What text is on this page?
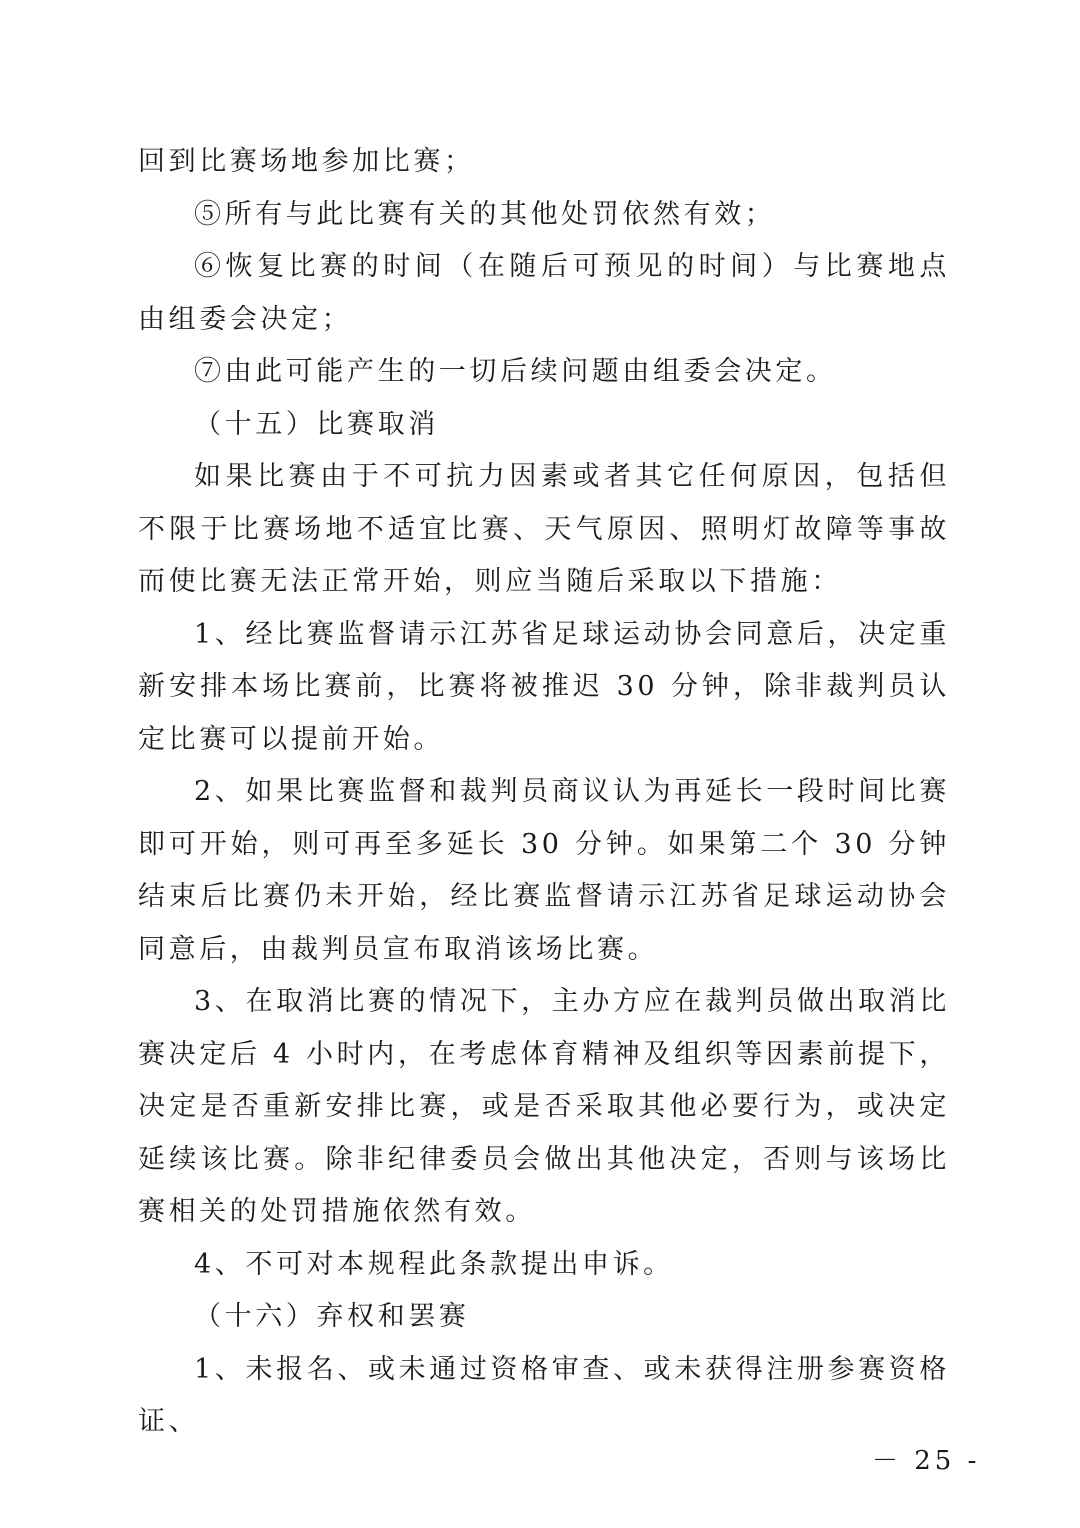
回到比赛场地参加比赛；

⑤所有与此比赛有关的其他处罚依然有效；

⑥恢复比赛的时间（在随后可预见的时间）与比赛地点由组委会决定；

⑦由此可能产生的一切后续问题由组委会决定。

（十五）比赛取消

如果比赛由于不可抗力因素或者其它任何原因，包括但不限于比赛场地不适宜比赛、天气原因、照明灯故障等事故而使比赛无法正常开始，则应当随后采取以下措施：

1、经比赛监督请示江苏省足球运动协会同意后，决定重新安排本场比赛前，比赛将被推迟 30 分钟，除非裁判员认定比赛可以提前开始。

2、如果比赛监督和裁判员商议认为再延长一段时间比赛即可开始，则可再至多延长 30 分钟。如果第二个 30 分钟结束后比赛仍未开始，经比赛监督请示江苏省足球运动协会同意后，由裁判员宣布取消该场比赛。

3、在取消比赛的情况下，主办方应在裁判员做出取消比赛决定后 4 小时内，在考虑体育精神及组织等因素前提下，决定是否重新安排比赛，或是否采取其他必要行为，或决定延续该比赛。除非纪律委员会做出其他决定，否则与该场比赛相关的处罚措施依然有效。

4、不可对本规程此条款提出申诉。

（十六）弃权和罢赛

1、未报名、或未通过资格审查、或未获得注册参赛资格证、

－ 25 -
